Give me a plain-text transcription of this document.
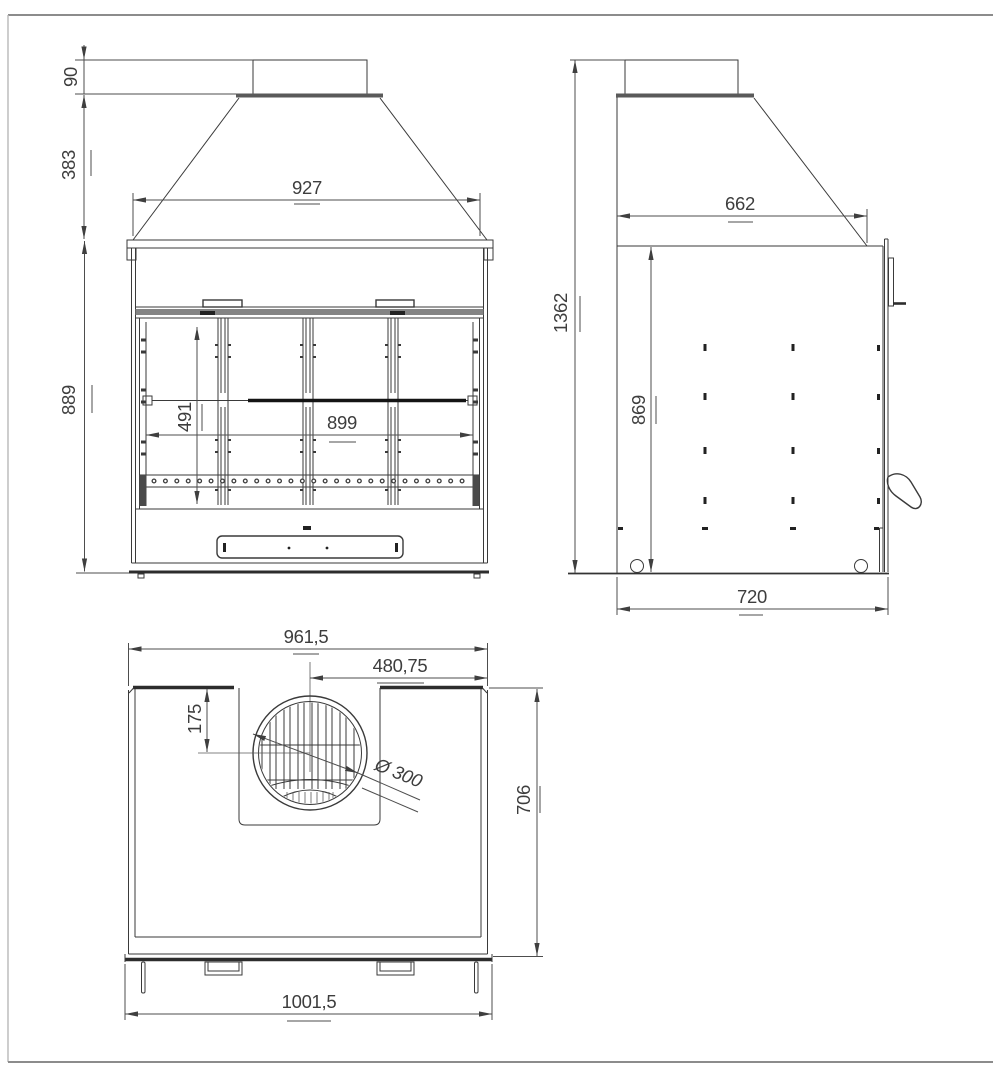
90
383
889
927
491	899
1362
662
869
720
961,5
480,75
175
Ø 300
706
1001,5
